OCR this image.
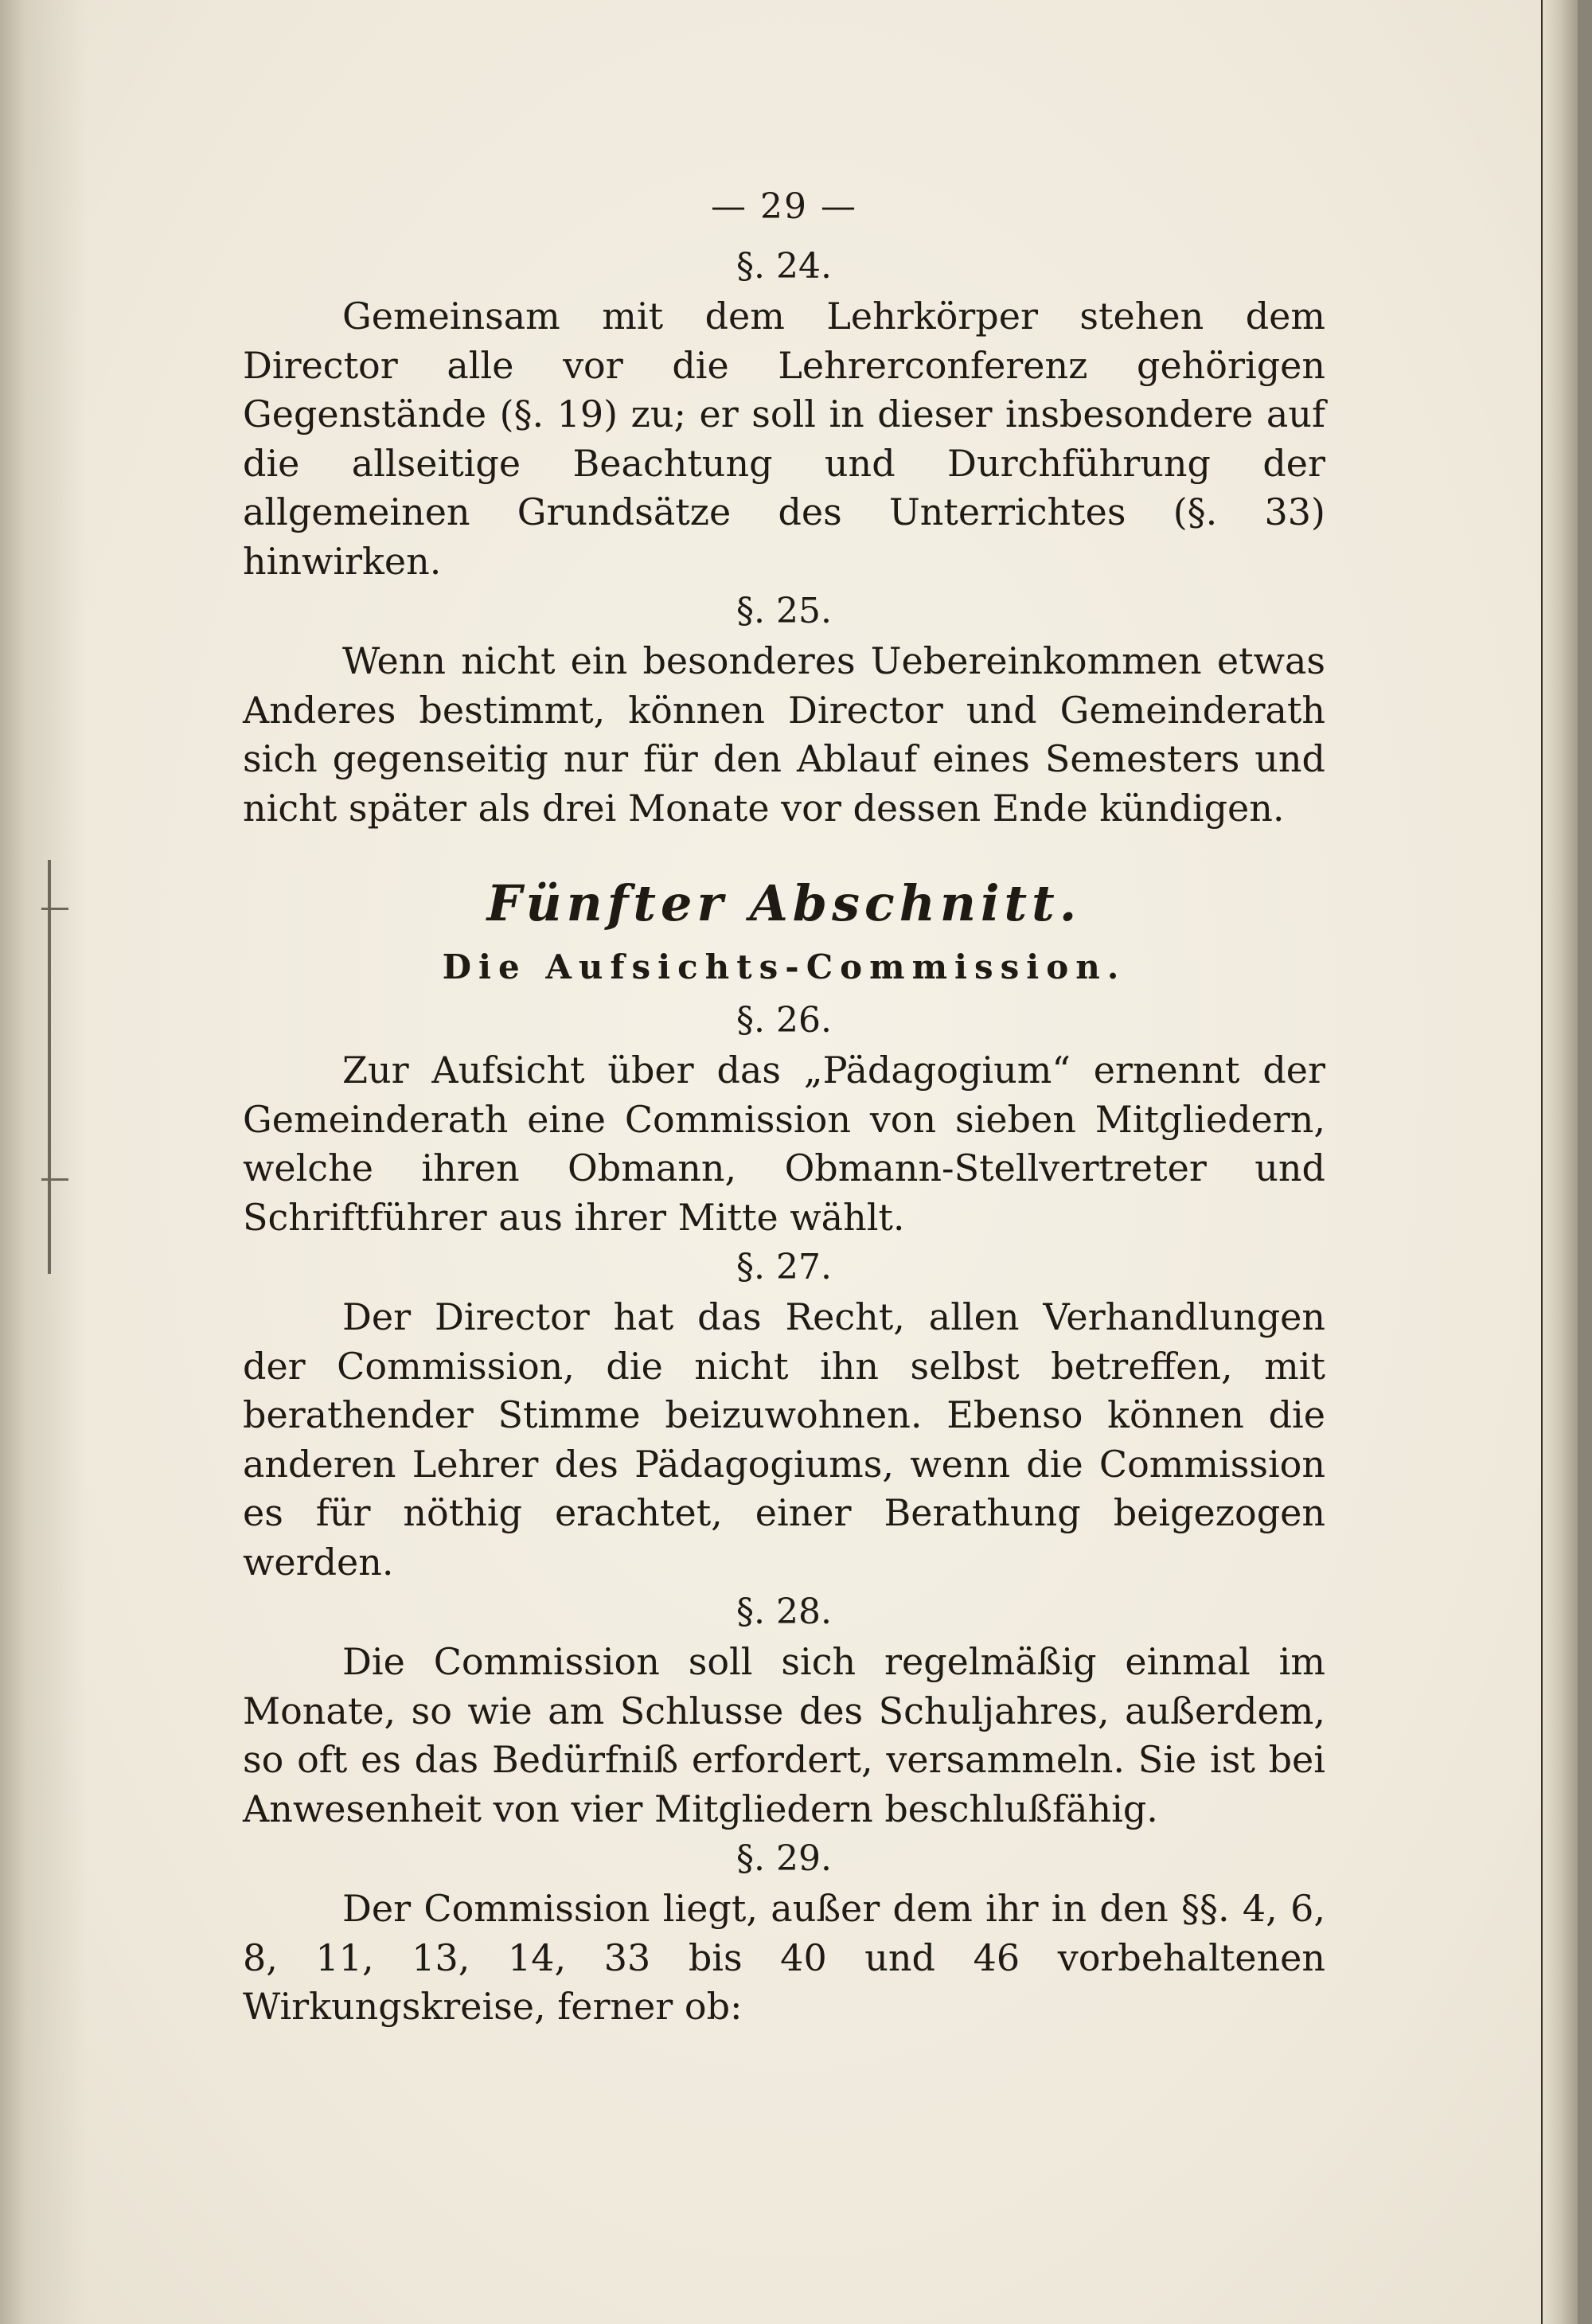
— 29 —
§. 24.

Gemeinsam mit dem Lehrkörper stehen dem Director alle vor die Lehrerconferenz gehörigen Gegenstände (§. 19) zu; er soll in dieser insbesondere auf die allseitige Beachtung und Durchführung der allgemeinen Grundsätze des Unterrichtes (§. 33) hinwirken.

§. 25.

Wenn nicht ein besonderes Uebereinkommen etwas Anderes bestimmt, können Director und Gemeinderath sich gegenseitig nur für den Ablauf eines Semesters und nicht später als drei Monate vor dessen Ende kündigen.

Fünfter Abschnitt.
Die Aufsichts-Commission.
§. 26.

Zur Aufsicht über das „Pädagogium“ ernennt der Gemeinderath eine Commission von sieben Mitgliedern, welche ihren Obmann, Obmann-Stellvertreter und Schriftführer aus ihrer Mitte wählt.

§. 27.

Der Director hat das Recht, allen Verhandlungen der Commission, die nicht ihn selbst betreffen, mit berathender Stimme beizuwohnen. Ebenso können die anderen Lehrer des Pädagogiums, wenn die Commission es für nöthig erachtet, einer Berathung beigezogen werden.

§. 28.

Die Commission soll sich regelmäßig einmal im Monate, so wie am Schlusse des Schuljahres, außerdem, so oft es das Bedürfniß erfordert, versammeln. Sie ist bei Anwesenheit von vier Mitgliedern beschlußfähig.

§. 29.

Der Commission liegt, außer dem ihr in den §§. 4, 6, 8, 11, 13, 14, 33 bis 40 und 46 vorbehaltenen Wirkungskreise, ferner ob:
